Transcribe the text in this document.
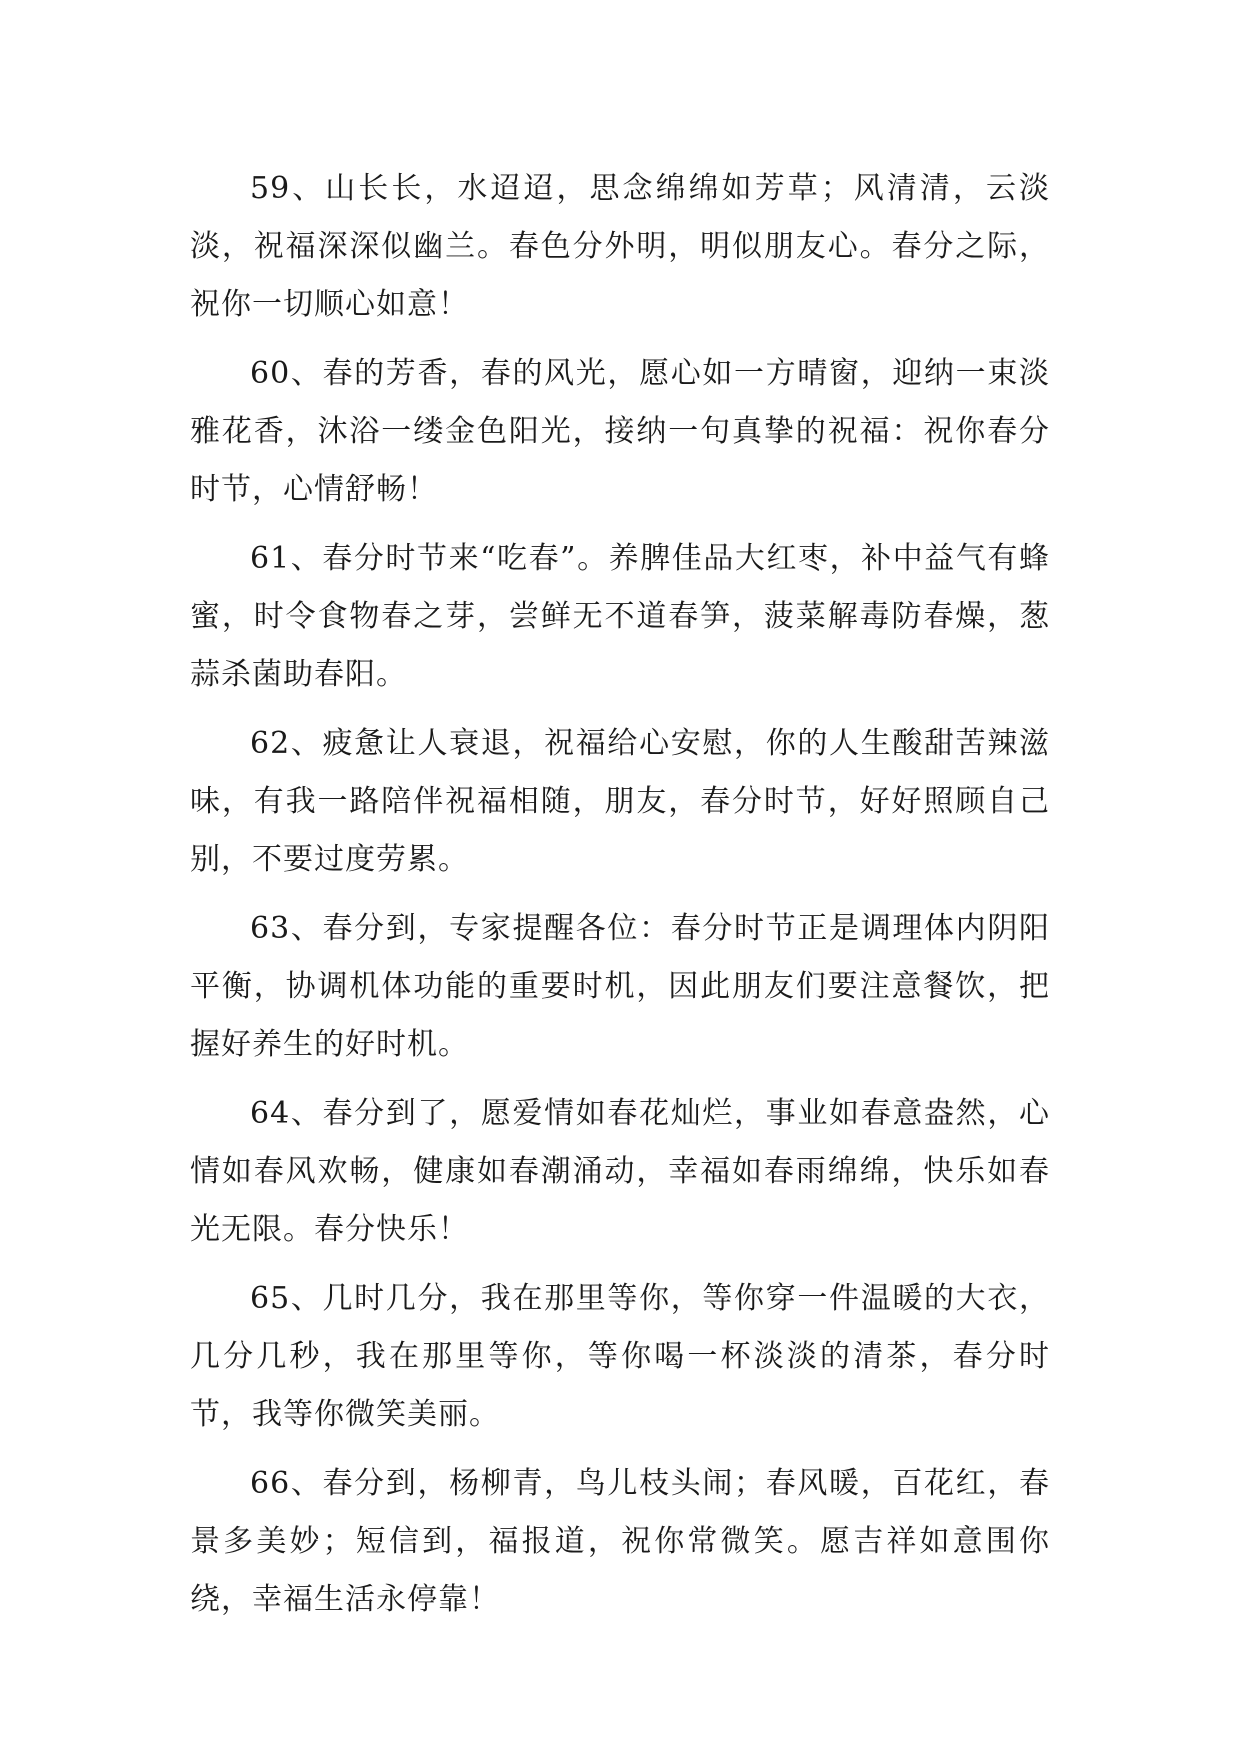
59、山长长，水迢迢，思念绵绵如芳草；风清清，云淡淡，祝福深深似幽兰。春色分外明，明似朋友心。春分之际，祝你一切顺心如意！

60、春的芳香，春的风光，愿心如一方晴窗，迎纳一束淡雅花香，沐浴一缕金色阳光，接纳一句真挚的祝福：祝你春分时节，心情舒畅！

61、春分时节来“吃春”。养脾佳品大红枣，补中益气有蜂蜜，时令食物春之芽，尝鲜无不道春笋，菠菜解毒防春燥，葱蒜杀菌助春阳。

62、疲惫让人衰退，祝福给心安慰，你的人生酸甜苦辣滋味，有我一路陪伴祝福相随，朋友，春分时节，好好照顾自己别，不要过度劳累。

63、春分到，专家提醒各位：春分时节正是调理体内阴阳平衡，协调机体功能的重要时机，因此朋友们要注意餐饮，把握好养生的好时机。

64、春分到了，愿爱情如春花灿烂，事业如春意盎然，心情如春风欢畅，健康如春潮涌动，幸福如春雨绵绵，快乐如春光无限。春分快乐！

65、几时几分，我在那里等你，等你穿一件温暖的大衣，几分几秒，我在那里等你，等你喝一杯淡淡的清茶，春分时节，我等你微笑美丽。

66、春分到，杨柳青，鸟儿枝头闹；春风暖，百花红，春景多美妙；短信到，福报道，祝你常微笑。愿吉祥如意围你绕，幸福生活永停靠！
